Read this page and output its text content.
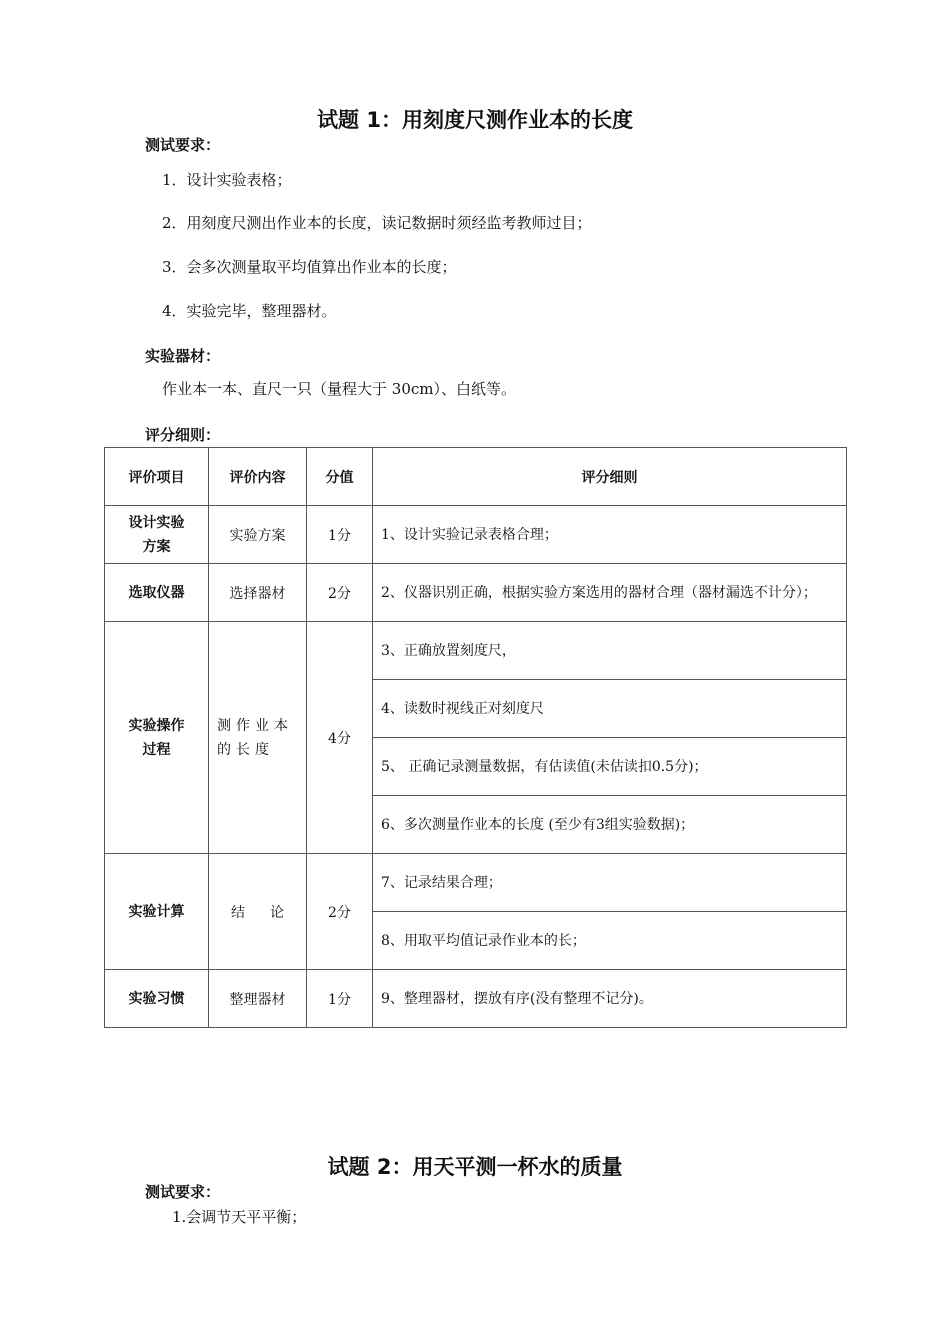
试题 1：用刻度尺测作业本的长度
测试要求：
1．设计实验表格；
2．用刻度尺测出作业本的长度，读记数据时须经监考教师过目；
3．会多次测量取平均值算出作业本的长度；
4．实验完毕，整理器材。
实验器材：
作业本一本、直尺一只（量程大于 30cm）、白纸等。
评分细则：
评价项目	评价内容	分值	评分细则
设计实验方案	实验方案	1分	1、设计实验记录表格合理；
选取仪器	选择器材	2分	2、仪器识别正确，根据实验方案选用的器材合理（器材漏选不计分）；
实验操作过程	测作业本的长度	4分	3、正确放置刻度尺，
			4、读数时视线正对刻度尺
			5、 正确记录测量数据，有估读值(未估读扣0.5分)；
			6、多次测量作业本的长度 (至少有3组实验数据)；
实验计算	结论	2分	7、记录结果合理；
			8、用取平均值记录作业本的长；
实验习惯	整理器材	1分	9、整理器材，摆放有序(没有整理不记分)。
试题 2：用天平测一杯水的质量
测试要求：
1.会调节天平平衡；
